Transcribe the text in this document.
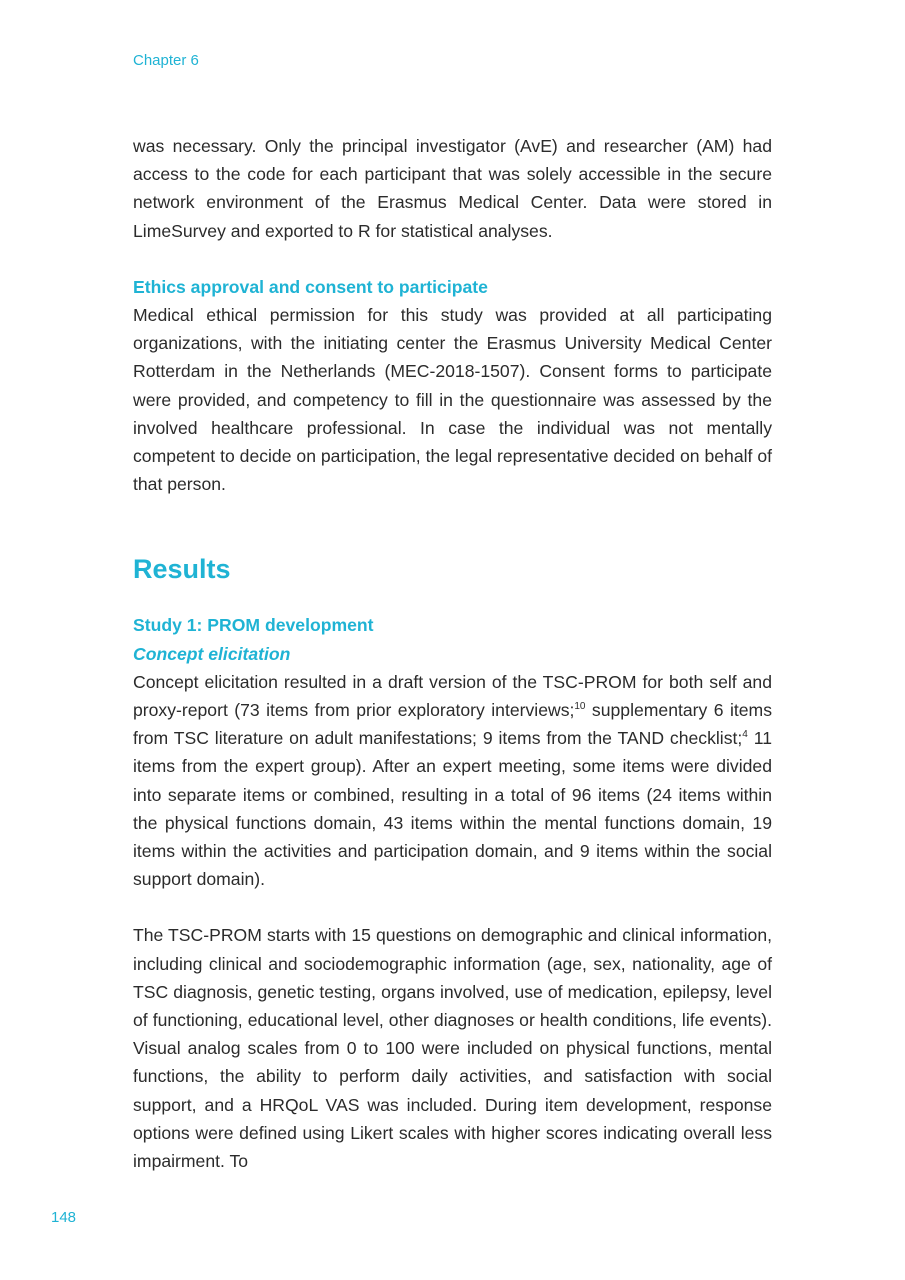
Chapter 6

was necessary. Only the principal investigator (AvE) and researcher (AM) had access to the code for each participant that was solely accessible in the secure network environment of the Erasmus Medical Center. Data were stored in LimeSurvey and exported to R for statistical analyses.

Ethics approval and consent to participate

Medical ethical permission for this study was provided at all participating organizations, with the initiating center the Erasmus University Medical Center Rotterdam in the Netherlands (MEC-2018-1507). Consent forms to participate were provided, and competency to fill in the questionnaire was assessed by the involved healthcare professional. In case the individual was not mentally competent to decide on participation, the legal representative decided on behalf of that person.

Results
Study 1: PROM development
Concept elicitation

Concept elicitation resulted in a draft version of the TSC-PROM for both self and proxy-report (73 items from prior exploratory interviews;$^{10}$ supplementary 6 items from TSC literature on adult manifestations; 9 items from the TAND checklist;$^4$ 11 items from the expert group). After an expert meeting, some items were divided into separate items or combined, resulting in a total of 96 items (24 items within the physical functions domain, 43 items within the mental functions domain, 19 items within the activities and participation domain, and 9 items within the social support domain).

The TSC-PROM starts with 15 questions on demographic and clinical information, including clinical and sociodemographic information (age, sex, nationality, age of TSC diagnosis, genetic testing, organs involved, use of medication, epilepsy, level of functioning, educational level, other diagnoses or health conditions, life events). Visual analog scales from 0 to 100 were included on physical functions, mental functions, the ability to perform daily activities, and satisfaction with social support, and a HRQoL VAS was included. During item development, response options were defined using Likert scales with higher scores indicating overall less impairment. To

148
